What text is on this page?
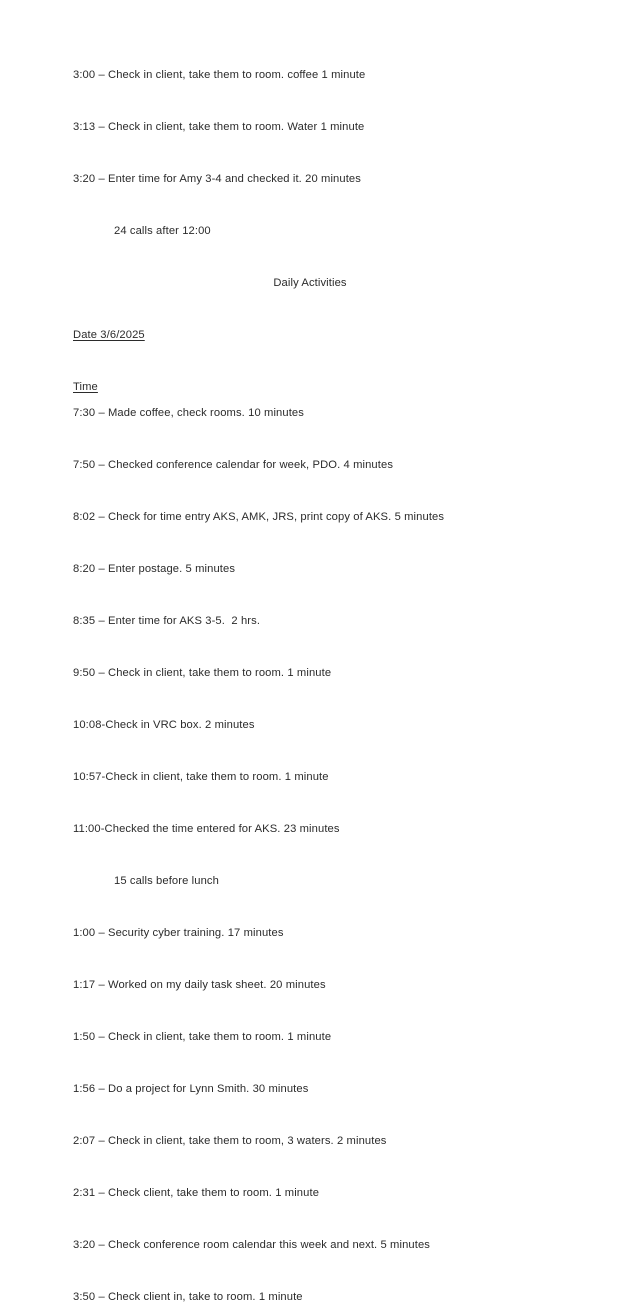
3:00 – Check in client, take them to room. coffee 1 minute

3:13 – Check in client, take them to room. Water 1 minute

3:20 – Enter time for Amy 3-4 and checked it. 20 minutes

24 calls after 12:00

Daily Activities

Date 3/6/2025

Time

7:30 – Made coffee, check rooms. 10 minutes

7:50 – Checked conference calendar for week, PDO. 4 minutes

8:02 – Check for time entry AKS, AMK, JRS, print copy of AKS. 5 minutes

8:20 – Enter postage. 5 minutes

8:35 – Enter time for AKS 3-5.  2 hrs.

9:50 – Check in client, take them to room. 1 minute

10:08-Check in VRC box. 2 minutes

10:57-Check in client, take them to room. 1 minute

11:00-Checked the time entered for AKS. 23 minutes

15 calls before lunch

1:00 – Security cyber training. 17 minutes

1:17 – Worked on my daily task sheet. 20 minutes

1:50 – Check in client, take them to room. 1 minute

1:56 – Do a project for Lynn Smith. 30 minutes

2:07 – Check in client, take them to room, 3 waters. 2 minutes

2:31 – Check client, take them to room. 1 minute

3:20 – Check conference room calendar this week and next. 5 minutes

3:50 – Check client in, take to room. 1 minute
